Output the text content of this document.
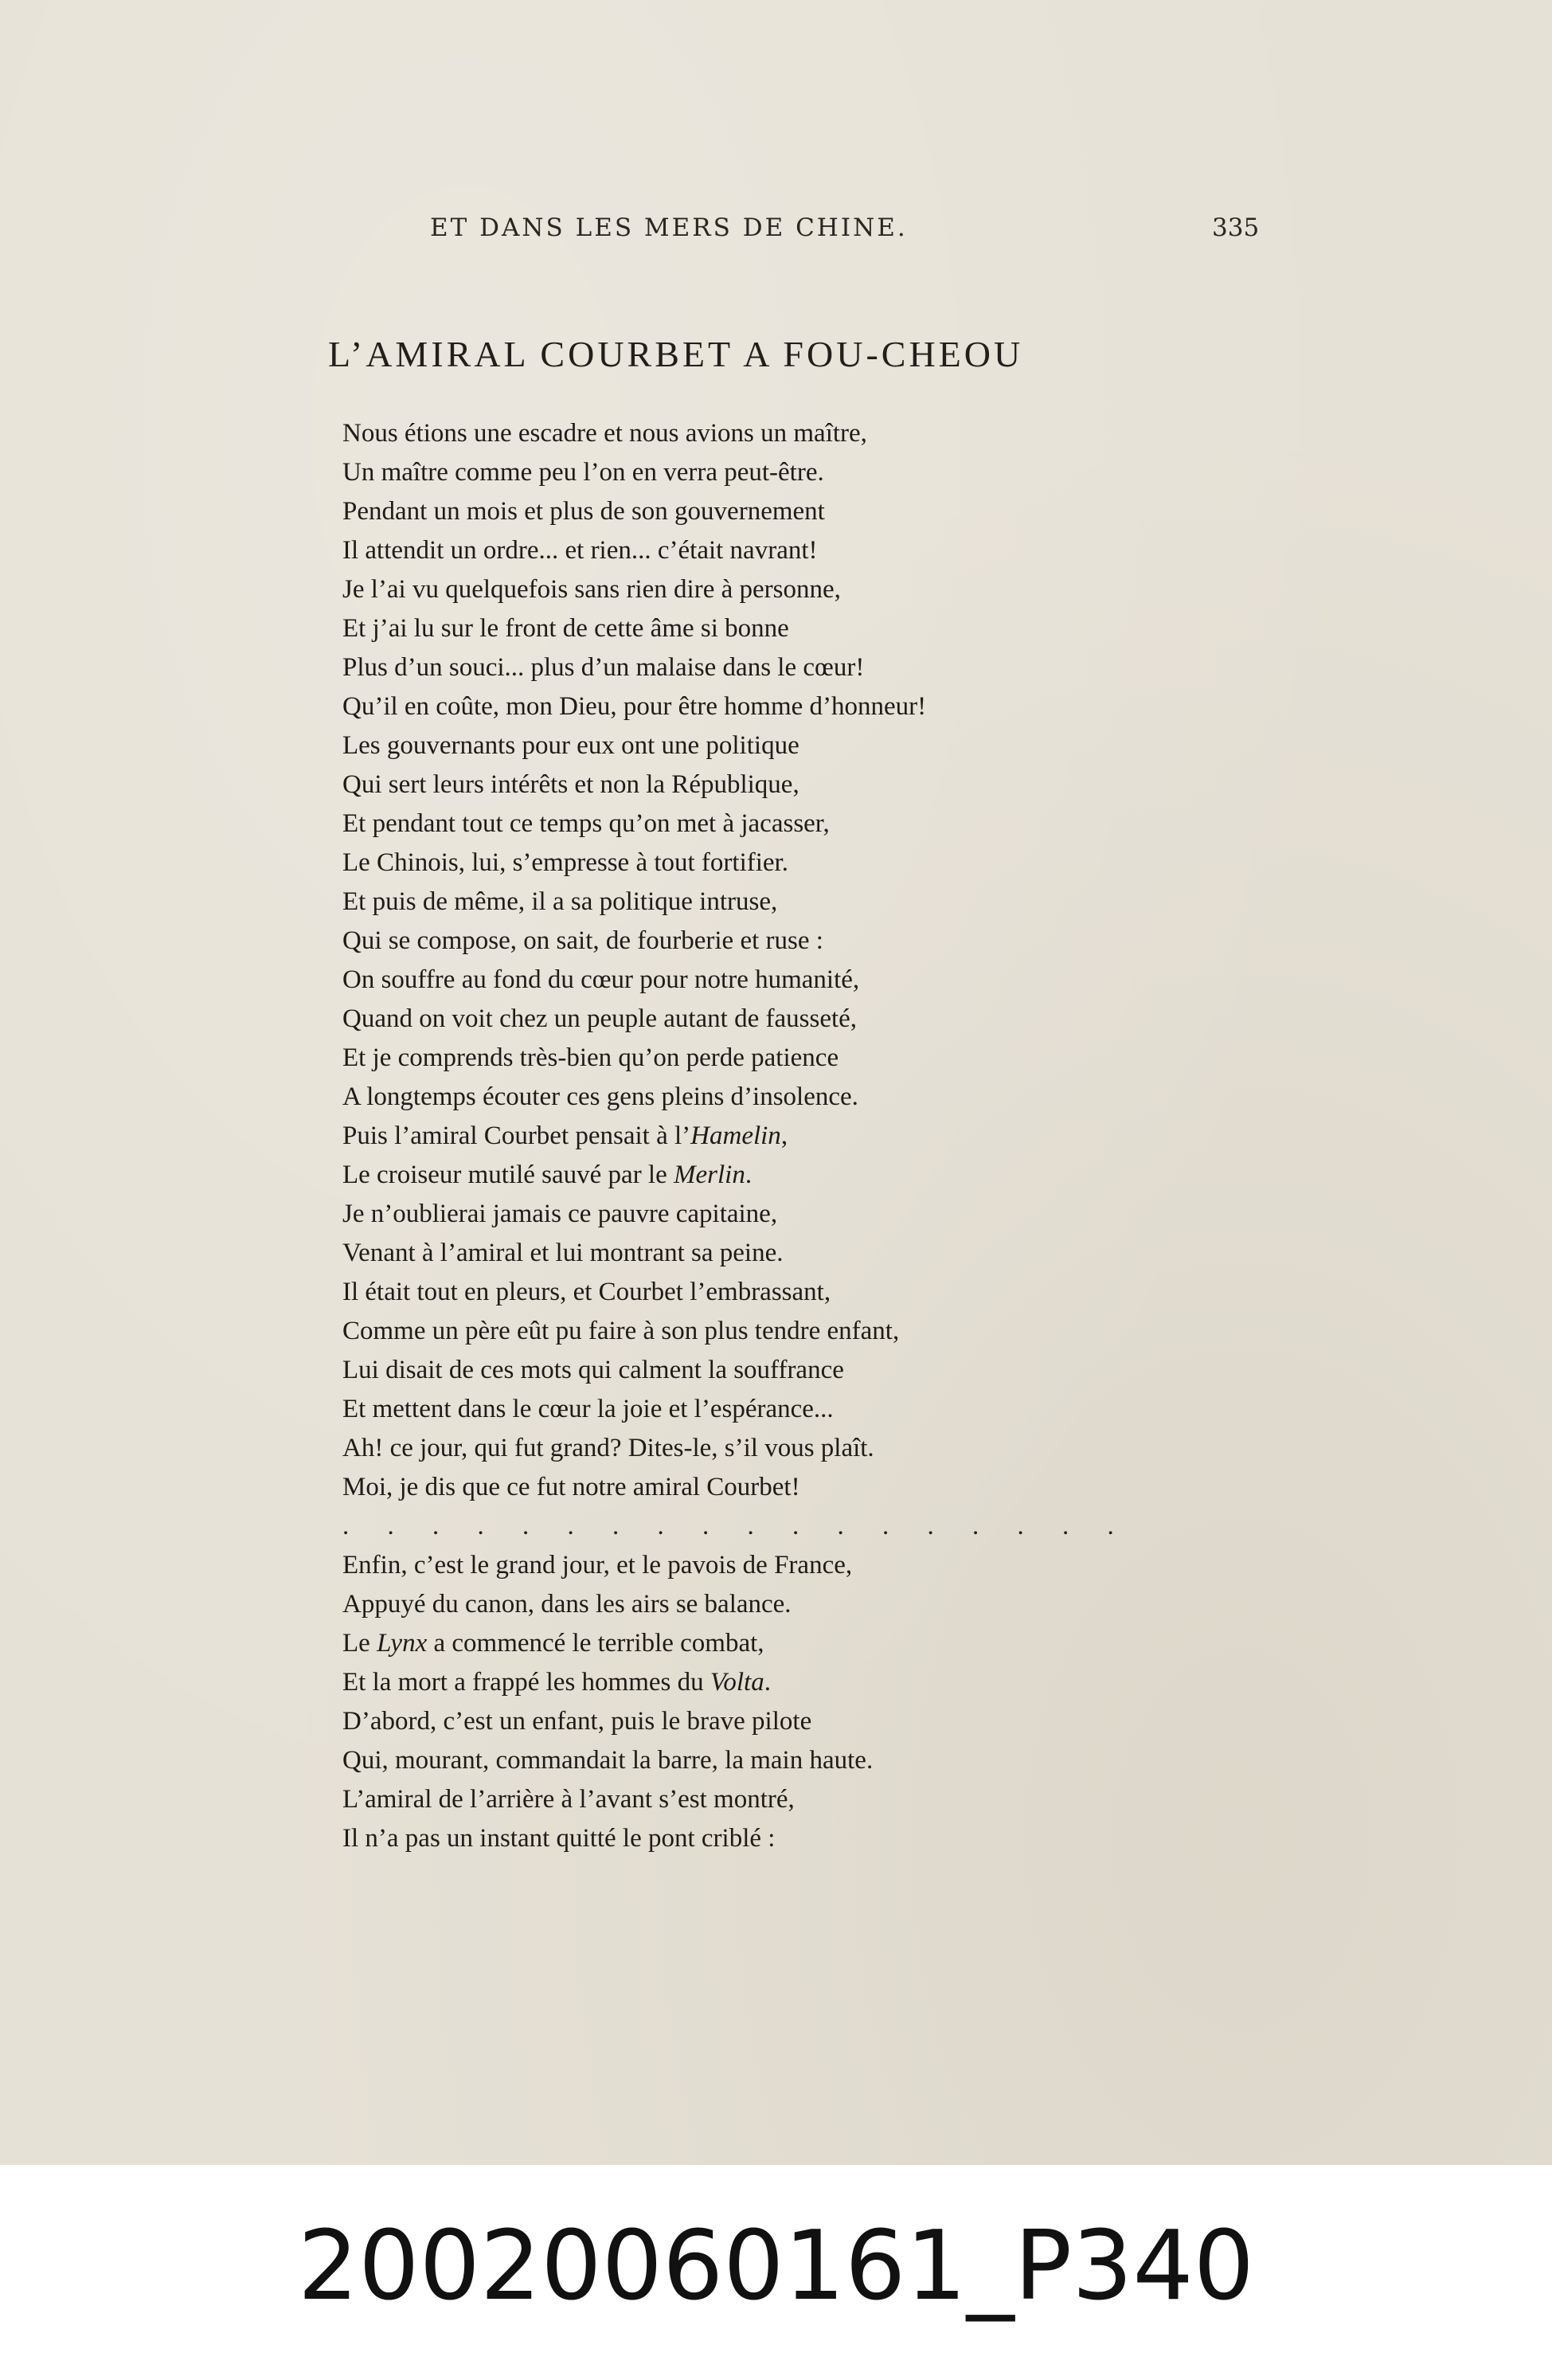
ET DANS LES MERS DE CHINE.	335
L’AMIRAL COURBET A FOU-CHEOU
Nous étions une escadre et nous avions un maître,
Un maître comme peu l’on en verra peut-être.
Pendant un mois et plus de son gouvernement
Il attendit un ordre... et rien... c’était navrant!
Je l’ai vu quelquefois sans rien dire à personne,
Et j’ai lu sur le front de cette âme si bonne
Plus d’un souci... plus d’un malaise dans le cœur!
Qu’il en coûte, mon Dieu, pour être homme d’honneur!
Les gouvernants pour eux ont une politique
Qui sert leurs intérêts et non la République,
Et pendant tout ce temps qu’on met à jacasser,
Le Chinois, lui, s’empresse à tout fortifier.
Et puis de même, il a sa politique intruse,
Qui se compose, on sait, de fourberie et ruse :
On souffre au fond du cœur pour notre humanité,
Quand on voit chez un peuple autant de fausseté,
Et je comprends très-bien qu’on perde patience
A longtemps écouter ces gens pleins d’insolence.
Puis l’amiral Courbet pensait à l’Hamelin,
Le croiseur mutilé sauvé par le Merlin.
Je n’oublierai jamais ce pauvre capitaine,
Venant à l’amiral et lui montrant sa peine.
Il était tout en pleurs, et Courbet l’embrassant,
Comme un père eût pu faire à son plus tendre enfant,
Lui disait de ces mots qui calment la souffrance
Et mettent dans le cœur la joie et l’espérance...
Ah! ce jour, qui fut grand? Dites-le, s’il vous plaît.
Moi, je dis que ce fut notre amiral Courbet!
. . . . . . . . . . . . . . . . . .
Enfin, c’est le grand jour, et le pavois de France,
Appuyé du canon, dans les airs se balance.
Le Lynx a commencé le terrible combat,
Et la mort a frappé les hommes du Volta.
D’abord, c’est un enfant, puis le brave pilote
Qui, mourant, commandait la barre, la main haute.
L’amiral de l’arrière à l’avant s’est montré,
Il n’a pas un instant quitté le pont criblé :
20020060161_P340
